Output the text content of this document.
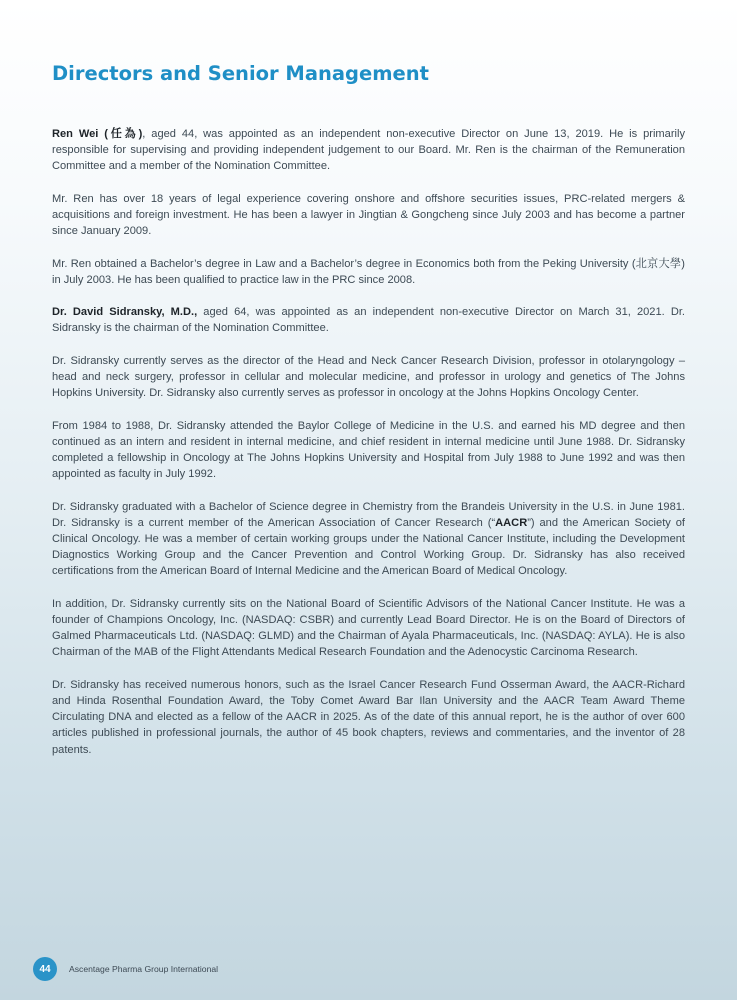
Directors and Senior Management

Ren Wei (任為), aged 44, was appointed as an independent non-executive Director on June 13, 2019. He is primarily responsible for supervising and providing independent judgement to our Board. Mr. Ren is the chairman of the Remuneration Committee and a member of the Nomination Committee.

Mr. Ren has over 18 years of legal experience covering onshore and offshore securities issues, PRC-related mergers & acquisitions and foreign investment. He has been a lawyer in Jingtian & Gongcheng since July 2003 and has become a partner since January 2009.

Mr. Ren obtained a Bachelor’s degree in Law and a Bachelor’s degree in Economics both from the Peking University (北京大學) in July 2003. He has been qualified to practice law in the PRC since 2008.

Dr. David Sidransky, M.D., aged 64, was appointed as an independent non-executive Director on March 31, 2021. Dr. Sidransky is the chairman of the Nomination Committee.

Dr. Sidransky currently serves as the director of the Head and Neck Cancer Research Division, professor in otolaryngology – head and neck surgery, professor in cellular and molecular medicine, and professor in urology and genetics of The Johns Hopkins University. Dr. Sidransky also currently serves as professor in oncology at the Johns Hopkins Oncology Center.

From 1984 to 1988, Dr. Sidransky attended the Baylor College of Medicine in the U.S. and earned his MD degree and then continued as an intern and resident in internal medicine, and chief resident in internal medicine until June 1988. Dr. Sidransky completed a fellowship in Oncology at The Johns Hopkins University and Hospital from July 1988 to June 1992 and was then appointed as faculty in July 1992.

Dr. Sidransky graduated with a Bachelor of Science degree in Chemistry from the Brandeis University in the U.S. in June 1981. Dr. Sidransky is a current member of the American Association of Cancer Research (“AACR”) and the American Society of Clinical Oncology. He was a member of certain working groups under the National Cancer Institute, including the Development Diagnostics Working Group and the Cancer Prevention and Control Working Group. Dr. Sidransky has also received certifications from the American Board of Internal Medicine and the American Board of Medical Oncology.

In addition, Dr. Sidransky currently sits on the National Board of Scientific Advisors of the National Cancer Institute. He was a founder of Champions Oncology, Inc. (NASDAQ: CSBR) and currently Lead Board Director. He is on the Board of Directors of Galmed Pharmaceuticals Ltd. (NASDAQ: GLMD) and the Chairman of Ayala Pharmaceuticals, Inc. (NASDAQ: AYLA). He is also Chairman of the MAB of the Flight Attendants Medical Research Foundation and the Adenocystic Carcinoma Research.

Dr. Sidransky has received numerous honors, such as the Israel Cancer Research Fund Osserman Award, the AACR-Richard and Hinda Rosenthal Foundation Award, the Toby Comet Award Bar Ilan University and the AACR Team Award Theme Circulating DNA and elected as a fellow of the AACR in 2025. As of the date of this annual report, he is the author of over 600 articles published in professional journals, the author of 45 book chapters, reviews and commentaries, and the inventor of 28 patents.

44	Ascentage Pharma Group International
